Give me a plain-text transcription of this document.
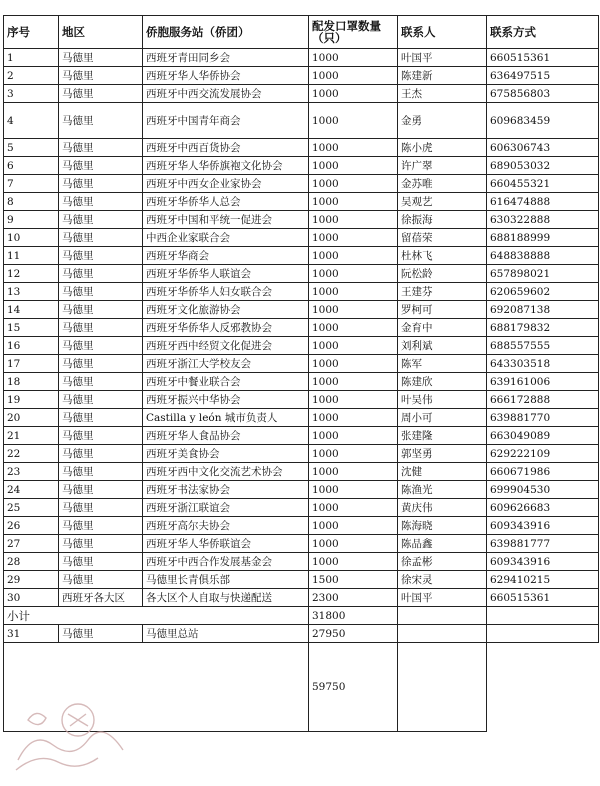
序号	地区	侨胞服务站（侨团）	配发口罩数量（只）	联系人	联系方式
1	马德里	西班牙青田同乡会	1000	叶国平	660515361
2	马德里	西班牙华人华侨协会	1000	陈建新	636497515
3	马德里	西班牙中西交流发展协会	1000	王杰	675856803
4	马德里	西班牙中国青年商会	1000	金勇	609683459
5	马德里	西班牙中西百货协会	1000	陈小虎	606306743
6	马德里	西班牙华人华侨旗袍文化协会	1000	许广翠	689053032
7	马德里	西班牙中西女企业家协会	1000	金苏唯	660455321
8	马德里	西班牙华侨华人总会	1000	吴观艺	616474888
9	马德里	西班牙中国和平统一促进会	1000	徐振海	630322888
10	马德里	中西企业家联合会	1000	留蓓荣	688188999
11	马德里	西班牙华商会	1000	杜林飞	648838888
12	马德里	西班牙华侨华人联谊会	1000	阮松龄	657898021
13	马德里	西班牙华侨华人妇女联合会	1000	王建芬	620659602
14	马德里	西班牙文化旅游协会	1000	罗柯可	692087138
15	马德里	西班牙华侨华人反邪教协会	1000	金育中	688179832
16	马德里	西班牙西中经贸文化促进会	1000	刘利斌	688557555
17	马德里	西班牙浙江大学校友会	1000	陈军	643303518
18	马德里	西班牙中餐业联合会	1000	陈建欣	639161006
19	马德里	西班牙振兴中华协会	1000	叶吴伟	666172888
20	马德里	Castilla y león 城市负责人	1000	周小可	639881770
21	马德里	西班牙华人食品协会	1000	张建隆	663049089
22	马德里	西班牙美食协会	1000	郭坚勇	629222109
23	马德里	西班牙西中文化交流艺术协会	1000	沈健	660671986
24	马德里	西班牙书法家协会	1000	陈渔光	699904530
25	马德里	西班牙浙江联谊会	1000	黄庆伟	609626683
26	马德里	西班牙高尔夫协会	1000	陈海晓	609343916
27	马德里	西班牙华人华侨联谊会	1000	陈品鑫	639881777
28	马德里	西班牙中西合作发展基金会	1000	徐孟彬	609343916
29	马德里	马德里长青俱乐部	1500	徐宋灵	629410215
30	西班牙各大区	各大区个人自取与快递配送	2300	叶国平	660515361
小计			31800		
31	马德里	马德里总站	27950		
			59750		
